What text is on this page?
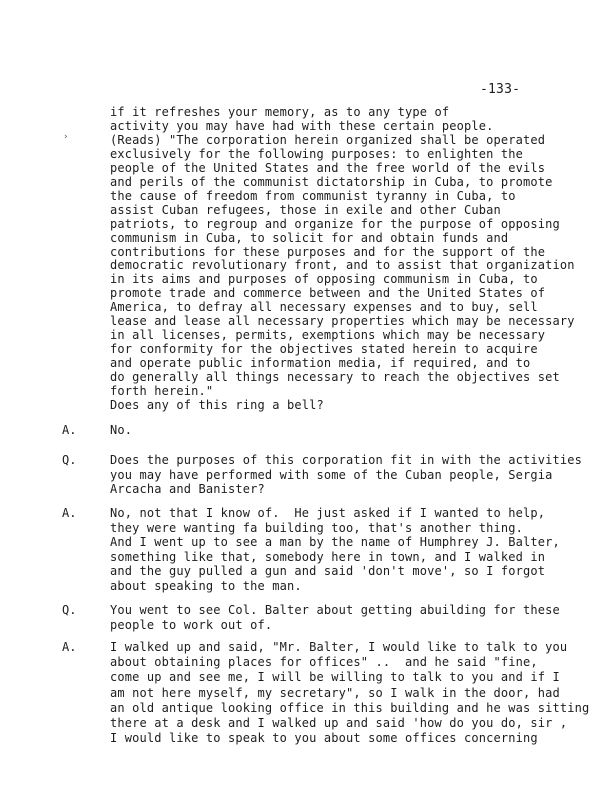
-133-
›
if it refreshes your memory, as to any type of
activity you may have had with these certain people.
(Reads) "The corporation herein organized shall be operated
exclusively for the following purposes: to enlighten the
people of the United States and the free world of the evils
and perils of the communist dictatorship in Cuba, to promote
the cause of freedom from communist tyranny in Cuba, to
assist Cuban refugees, those in exile and other Cuban
patriots, to regroup and organize for the purpose of opposing
communism in Cuba, to solicit for and obtain funds and
contributions for these purposes and for the support of the
democratic revolutionary front, and to assist that organization
in its aims and purposes of opposing communism in Cuba, to
promote trade and commerce between and the United States of
America, to defray all necessary expenses and to buy, sell
lease and lease all necessary properties which may be necessary
in all licenses, permits, exemptions which may be necessary
for conformity for the objectives stated herein to acquire
and operate public information media, if required, and to
do generally all things necessary to reach the objectives set
forth herein."
Does any of this ring a bell?
A.	No.
Q.	Does the purposes of this corporation fit in with the activities
you may have performed with some of the Cuban people, Sergia
Arcacha and Banister?
A.	No, not that I know of.  He just asked if I wanted to help,
they were wanting fa building too, that's another thing.
And I went up to see a man by the name of Humphrey J. Balter,
something like that, somebody here in town, and I walked in
and the guy pulled a gun and said 'don't move', so I forgot
about speaking to the man.
Q.	You went to see Col. Balter about getting abuilding for these
people to work out of.
A.	I walked up and said, "Mr. Balter, I would like to talk to you
about obtaining places for offices" ..  and he said "fine,
come up and see me, I will be willing to talk to you and if I
am not here myself, my secretary", so I walk in the door, had
an old antique looking office in this building and he was sitting
there at a desk and I walked up and said 'how do you do, sir ,
I would like to speak to you about some offices concerning
